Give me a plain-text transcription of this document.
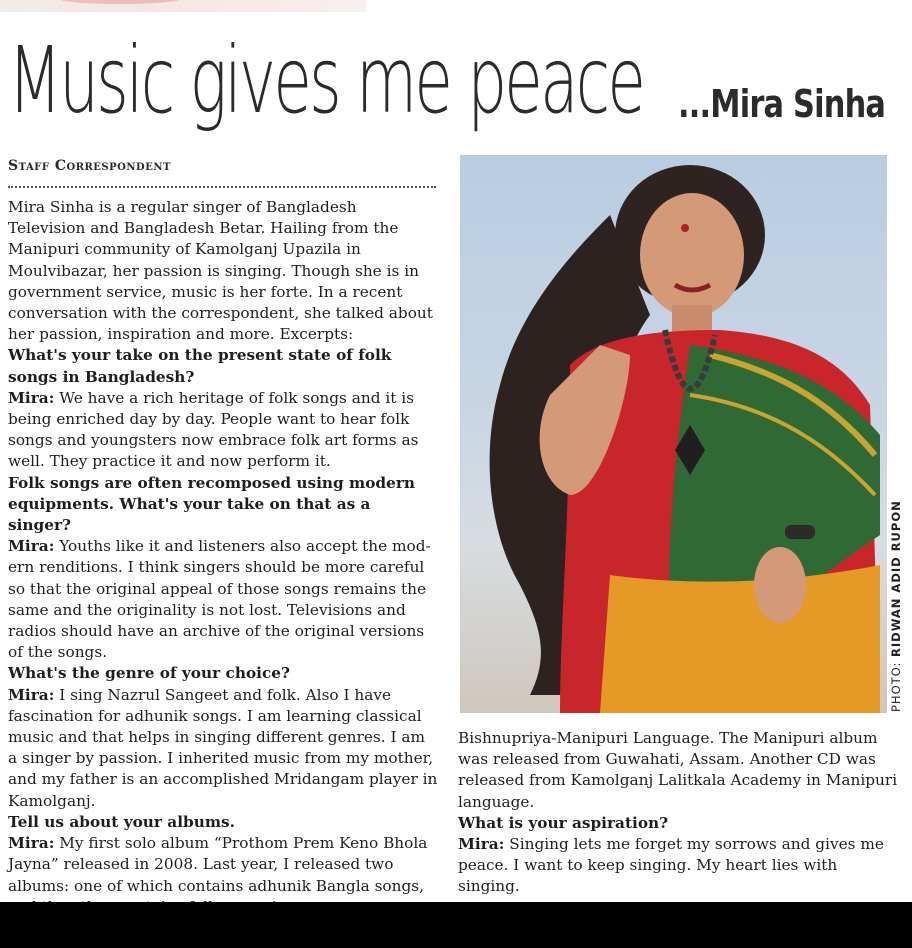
Music gives me peace ...Mira Sinha
Staff Correspondent

Mira Sinha is a regular singer of Bangladesh Television and Bangladesh Betar. Hailing from the Manipuri community of Kamolganj Upazila in Moulvibazar, her passion is singing. Though she is in government service, music is her forte. In a recent conversation with the correspondent, she talked about her passion, inspiration and more. Excerpts:

What's your take on the present state of folk songs in Bangladesh?

Mira: We have a rich heritage of folk songs and it is being enriched day by day. People want to hear folk songs and youngsters now embrace folk art forms as well. They practice it and now perform it.

Folk songs are often recomposed using modern equipments. What's your take on that as a singer?

Mira: Youths like it and listeners also accept the mod-ern renditions. I think singers should be more careful so that the original appeal of those songs remains the same and the originality is not lost. Televisions and radios should have an archive of the original versions of the songs.

What's the genre of your choice?

Mira: I sing Nazrul Sangeet and folk. Also I have fascination for adhunik songs. I am learning classical music and that helps in singing different genres. I am a singer by passion. I inherited music from my mother, and my father is an accomplished Mridangam player in Kamolganj.

Tell us about your albums.

Mira: My first solo album “Prothom Prem Keno Bhola Jayna” released in 2008. Last year, I released two albums: one of which contains adhunik Bangla songs,

PHOTO: RIDWAN ADID RUPON

Bishnupriya-Manipuri Language. The Manipuri album was released from Guwahati, Assam. Another CD was released from Kamolganj Lalitkala Academy in Manipuri language.

What is your aspiration?

Mira: Singing lets me forget my sorrows and gives me peace. I want to keep singing. My heart lies with singing.
